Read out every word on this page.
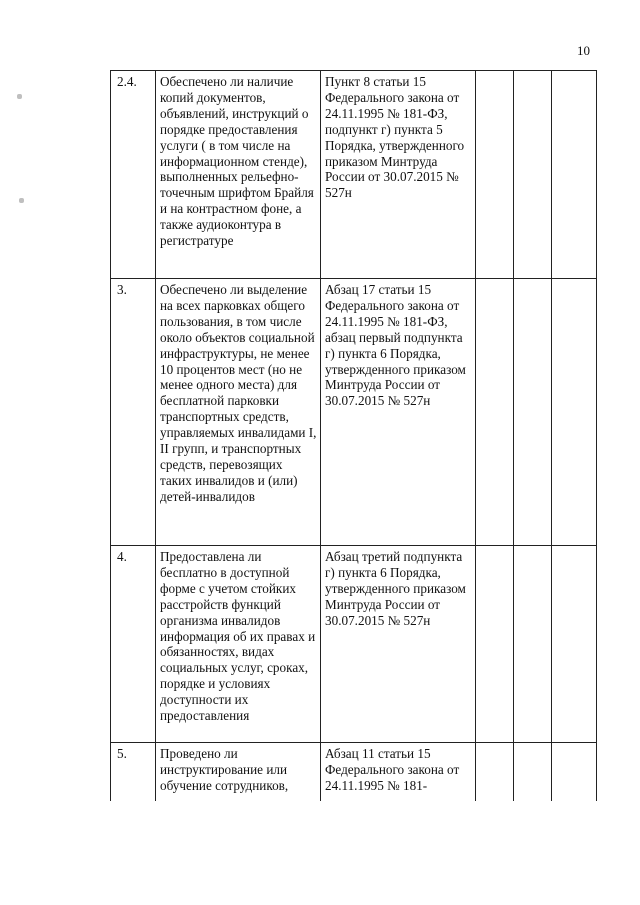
10
2.4.	Обеспечено ли наличие копий документов, объявлений, инструкций о порядке предоставления услуги ( в том числе на информационном стенде), выполненных рельефно-точечным шрифтом Брайля и на контрастном фоне, а также аудиоконтура в регистратуре	Пункт 8 статьи 15 Федерального закона от 24.11.1995 № 181-ФЗ, подпункт г) пункта 5 Порядка, утвержденного приказом Минтруда России от 30.07.2015 № 527н			
3.	Обеспечено ли выделение на всех парковках общего пользования, в том числе около объектов социальной инфраструктуры, не менее 10 процентов мест (но не менее одного места) для бесплатной парковки транспортных средств, управляемых инвалидами I, II групп, и транспортных средств, перевозящих таких инвалидов и (или) детей-инвалидов	Абзац 17 статьи 15 Федерального закона от 24.11.1995 № 181-ФЗ, абзац первый подпункта г) пункта 6 Порядка, утвержденного приказом Минтруда России от 30.07.2015 № 527н			
4.	Предоставлена ли бесплатно в доступной форме с учетом стойких расстройств функций организма инвалидов информация об их правах и обязанностях, видах социальных услуг, сроках, порядке и условиях доступности их предоставления	Абзац третий подпункта г) пункта 6 Порядка, утвержденного приказом Минтруда России от 30.07.2015 № 527н			
5.	Проведено ли инструктирование или обучение сотрудников,	Абзац 11 статьи 15 Федерального закона от 24.11.1995 № 181-			
